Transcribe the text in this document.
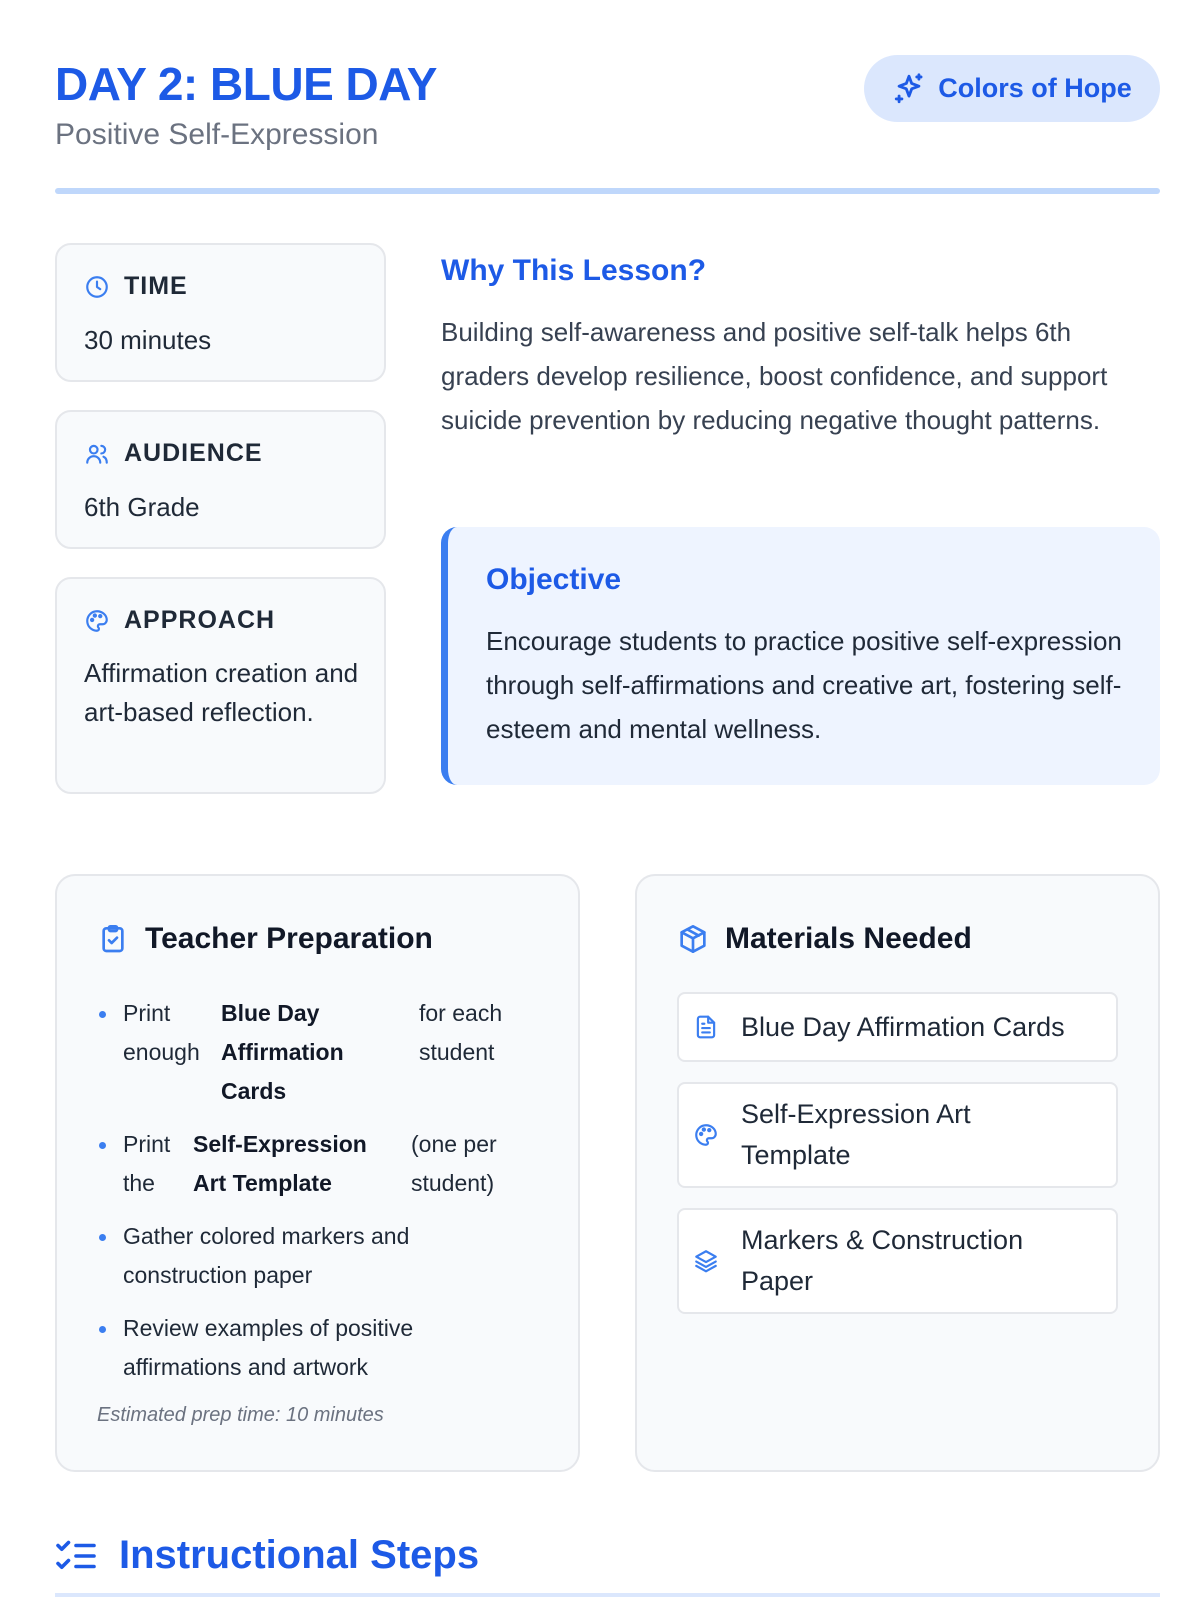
DAY 2: BLUE DAY
Positive Self-Expression
Colors of Hope
TIME
30 minutes
AUDIENCE
6th Grade
APPROACH
Affirmation creation and art-based reflection.
Why This Lesson?

Building self-awareness and positive self-talk helps 6th graders develop resilience, boost confidence, and support suicide prevention by reducing negative thought patterns.

Objective

Encourage students to practice positive self-expression through self-affirmations and creative art, fostering self-esteem and mental wellness.

Teacher Preparation
Print enough
Blue Day Affirmation Cards
for each student
Print the
Self-Expression Art Template
(one per student)
Gather colored markers and construction paper
Review examples of positive affirmations and artwork
Estimated prep time: 10 minutes
Materials Needed
Blue Day Affirmation Cards
Self-Expression Art Template
Markers & Construction Paper
Instructional Steps
